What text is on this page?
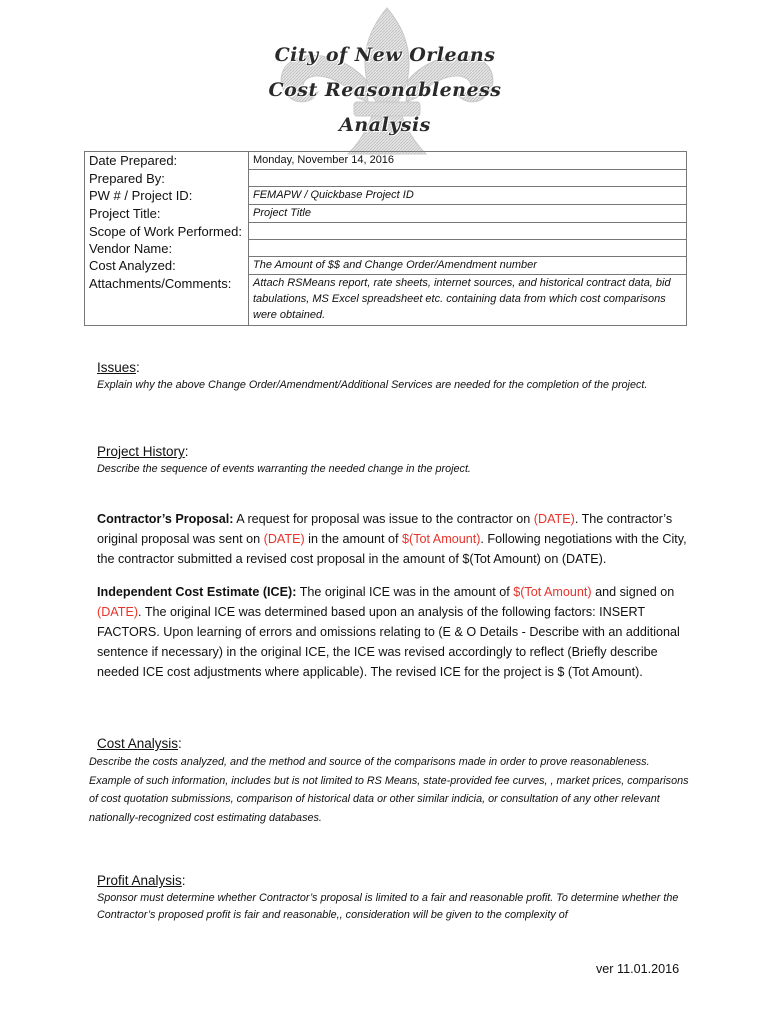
City of New Orleans
Cost Reasonableness
Analysis
Date Prepared:	Monday, November 14, 2016
Prepared By:	
PW # / Project ID:	FEMAPW / Quickbase Project ID
Project Title:	Project Title
Scope of Work Performed:	
Vendor Name:	
Cost Analyzed:	The Amount of $$ and Change Order/Amendment number
Attachments/Comments:	Attach RSMeans report, rate sheets, internet sources, and historical contract data, bid tabulations, MS Excel spreadsheet etc. containing data from which cost comparisons were obtained.
Issues:
Explain why the above Change Order/Amendment/Additional Services are needed for the completion of the project.
Project History:
Describe the sequence of events warranting the needed change in the project.
Contractor’s Proposal: A request for proposal was issue to the contractor on (DATE). The contractor’s original proposal was sent on (DATE) in the amount of $(Tot Amount). Following negotiations with the City, the contractor submitted a revised cost proposal in the amount of $(Tot Amount) on (DATE).
Independent Cost Estimate (ICE): The original ICE was in the amount of $(Tot Amount) and signed on (DATE). The original ICE was determined based upon an analysis of the following factors: INSERT FACTORS. Upon learning of errors and omissions relating to (E & O Details - Describe with an additional sentence if necessary) in the original ICE, the ICE was revised accordingly to reflect (Briefly describe needed ICE cost adjustments where applicable). The revised ICE for the project is $ (Tot Amount).
Cost Analysis:
Describe the costs analyzed, and the method and source of the comparisons made in order to prove reasonableness. Example of such information, includes but is not limited to RS Means, state-provided fee curves, , market prices, comparisons of cost quotation submissions, comparison of historical data or other similar indicia, or consultation of any other relevant nationally-recognized cost estimating databases.
Profit Analysis:
Sponsor must determine whether Contractor’s proposal is limited to a fair and reasonable profit. To determine whether the Contractor’s proposed profit is fair and reasonable,, consideration will be given to the complexity of
ver 11.01.2016
